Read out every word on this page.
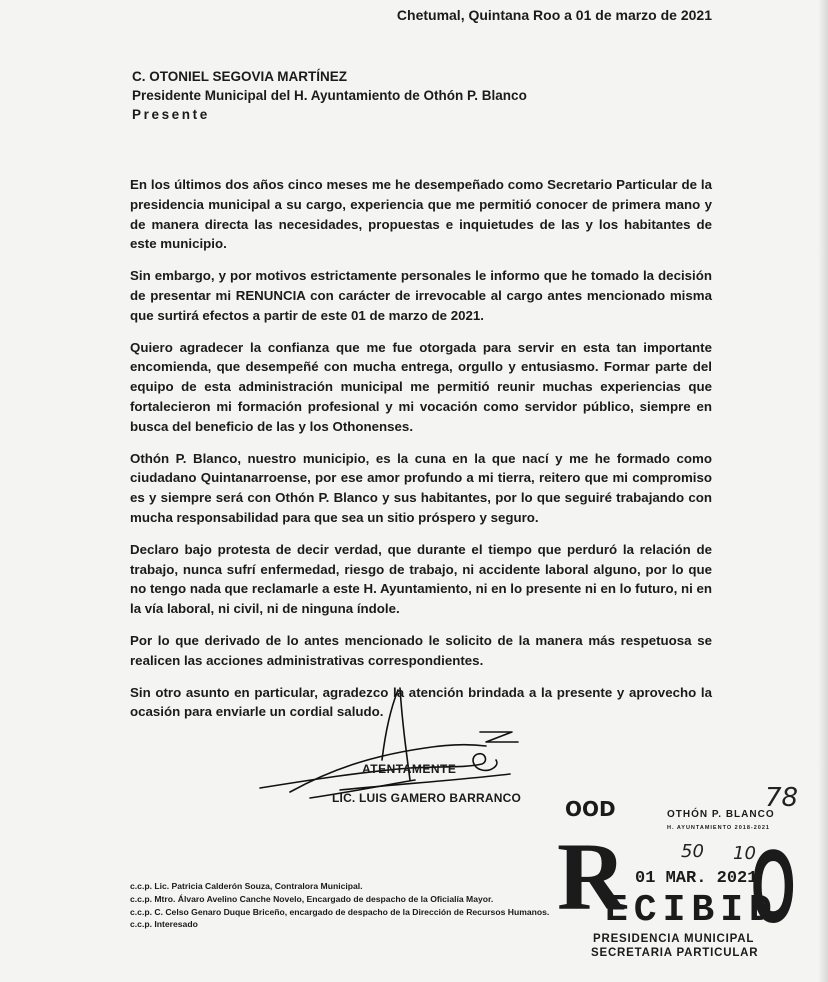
Chetumal, Quintana Roo a 01 de marzo de 2021
C. OTONIEL SEGOVIA MARTÍNEZ
Presidente Municipal del H. Ayuntamiento de Othón P. Blanco
Presente

En los últimos dos años cinco meses me he desempeñado como Secretario Particular de la presidencia municipal a su cargo, experiencia que me permitió conocer de primera mano y de manera directa las necesidades, propuestas e inquietudes de las y los habitantes de este municipio.

Sin embargo, y por motivos estrictamente personales le informo que he tomado la decisión de presentar mi RENUNCIA con carácter de irrevocable al cargo antes mencionado misma que surtirá efectos a partir de este 01 de marzo de 2021.

Quiero agradecer la confianza que me fue otorgada para servir en esta tan importante encomienda, que desempeñé con mucha entrega, orgullo y entusiasmo. Formar parte del equipo de esta administración municipal me permitió reunir muchas experiencias que fortalecieron mi formación profesional y mi vocación como servidor público, siempre en busca del beneficio de las y los Othonenses.

Othón P. Blanco, nuestro municipio, es la cuna en la que nací y me he formado como ciudadano Quintanarroense, por ese amor profundo a mi tierra, reitero que mi compromiso es y siempre será con Othón P. Blanco y sus habitantes, por lo que seguiré trabajando con mucha responsabilidad para que sea un sitio próspero y seguro.

Declaro bajo protesta de decir verdad, que durante el tiempo que perduró la relación de trabajo, nunca sufrí enfermedad, riesgo de trabajo, ni accidente laboral alguno, por lo que no tengo nada que reclamarle a este H. Ayuntamiento, ni en lo presente ni en lo futuro, ni en la vía laboral, ni civil, ni de ninguna índole.

Por lo que derivado de lo antes mencionado le solicito de la manera más respetuosa se realicen las acciones administrativas correspondientes.

Sin otro asunto en particular, agradezco la atención brindada a la presente y aprovecho la ocasión para enviarle un cordial saludo.

ATENTAMENTE
LIC. LUIS GAMERO BARRANCO
c.c.p. Lic. Patricia Calderón Souza, Contralora Municipal.
c.c.p. Mtro. Álvaro Avelino Canche Novelo, Encargado de despacho de la Oficialía Mayor.
c.c.p. C. Celso Genaro Duque Briceño, encargado de despacho de la Dirección de Recursos Humanos.
c.c.p. Interesado
OOD	OTHÓN P. BLANCO
H. AYUNTAMIENTO 2018-2021
R 01 MAR. 2021
ECIBID
O
PRESIDENCIA MUNICIPAL
SECRETARIA PARTICULAR
78
50 10
